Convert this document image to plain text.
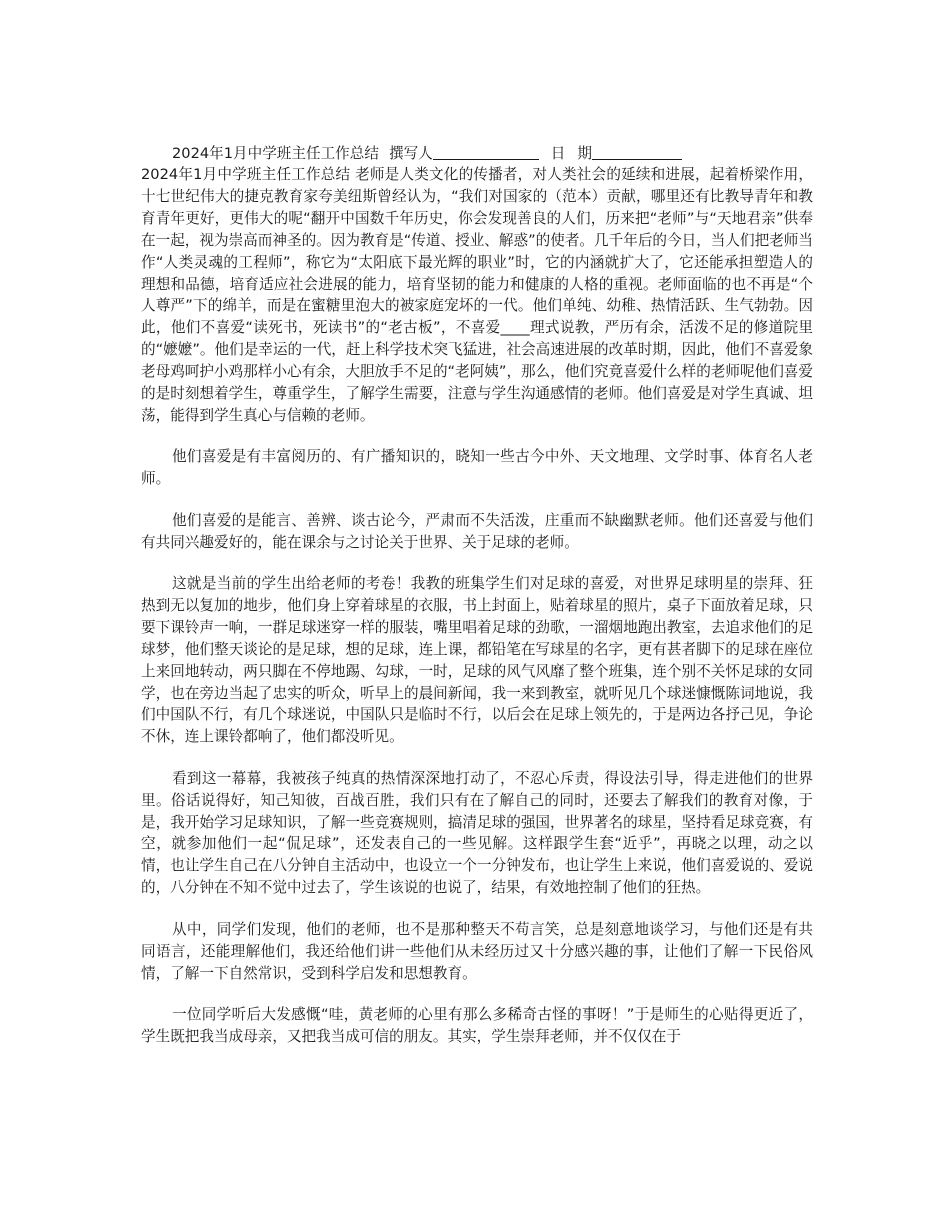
2024年1月中学班主任工作总结 撰写人	日 期

2024年1月中学班主任工作总结 老师是人类文化的传播者，对人类社会的延续和进展，起着桥梁作用，十七世纪伟大的捷克教育家夸美纽斯曾经认为，“我们对国家的（范本）贡献，哪里还有比教导青年和教育青年更好，更伟大的呢“翻开中国数千年历史，你会发现善良的人们，历来把“老师”与“天地君亲”供奉在一起，视为崇高而神圣的。因为教育是“传道、授业、解惑”的使者。几千年后的今日，当人们把老师当作“人类灵魂的工程师”，称它为“太阳底下最光辉的职业”时，它的内涵就扩大了，它还能承担塑造人的理想和品德，培育适应社会进展的能力，培育坚韧的能力和健康的人格的重视。老师面临的也不再是“个人尊严”下的绵羊，而是在蜜糖里泡大的被家庭宠坏的一代。他们单纯、幼稚、热情活跃、生气勃勃。因此，他们不喜爱“读死书，死读书”的“老古板”，不喜爱____理式说教，严历有余，活泼不足的修道院里的“嬷嬷”。他们是幸运的一代，赶上科学技术突飞猛进，社会高速进展的改革时期，因此，他们不喜爱象老母鸡呵护小鸡那样小心有余，大胆放手不足的“老阿姨”，那么，他们究竟喜爱什么样的老师呢他们喜爱的是时刻想着学生，尊重学生，了解学生需要，注意与学生沟通感情的老师。他们喜爱是对学生真诚、坦荡，能得到学生真心与信赖的老师。

他们喜爱是有丰富阅历的、有广播知识的，晓知一些古今中外、天文地理、文学时事、体育名人老师。

他们喜爱的是能言、善辨、谈古论今，严肃而不失活泼，庄重而不缺幽默老师。他们还喜爱与他们有共同兴趣爱好的，能在课余与之讨论关于世界、关于足球的老师。

这就是当前的学生出给老师的考卷！我教的班集学生们对足球的喜爱，对世界足球明星的崇拜、狂热到无以复加的地步，他们身上穿着球星的衣服，书上封面上，贴着球星的照片，桌子下面放着足球，只要下课铃声一响，一群足球迷穿一样的服装，嘴里唱着足球的劲歌，一溜烟地跑出教室，去追求他们的足球梦，他们整天谈论的是足球，想的足球，连上课，都铅笔在写球星的名字，更有甚者脚下的足球在座位上来回地转动，两只脚在不停地踢、勾球，一时，足球的风气风靡了整个班集，连个别不关怀足球的女同学，也在旁边当起了忠实的听众，听早上的晨间新闻，我一来到教室，就听见几个球迷慷慨陈词地说，我们中国队不行，有几个球迷说，中国队只是临时不行，以后会在足球上领先的，于是两边各抒己见，争论不休，连上课铃都响了，他们都没听见。

看到这一幕幕，我被孩子纯真的热情深深地打动了，不忍心斥责，得设法引导，得走进他们的世界里。俗话说得好，知己知彼，百战百胜，我们只有在了解自己的同时，还要去了解我们的教育对像，于是，我开始学习足球知识，了解一些竞赛规则，搞清足球的强国，世界著名的球星，坚持看足球竞赛，有空，就参加他们一起“侃足球”，还发表自己的一些见解。这样跟学生套“近乎”，再晓之以理，动之以情，也让学生自己在八分钟自主活动中，也设立一个一分钟发布，也让学生上来说，他们喜爱说的、爱说的，八分钟在不知不觉中过去了，学生该说的也说了，结果，有效地控制了他们的狂热。

从中，同学们发现，他们的老师，也不是那种整天不苟言笑，总是刻意地谈学习，与他们还是有共同语言，还能理解他们，我还给他们讲一些他们从未经历过又十分感兴趣的事，让他们了解一下民俗风情，了解一下自然常识，受到科学启发和思想教育。

一位同学听后大发感慨“哇，黄老师的心里有那么多稀奇古怪的事呀！”于是师生的心贴得更近了，学生既把我当成母亲，又把我当成可信的朋友。其实，学生崇拜老师，并不仅仅在于
